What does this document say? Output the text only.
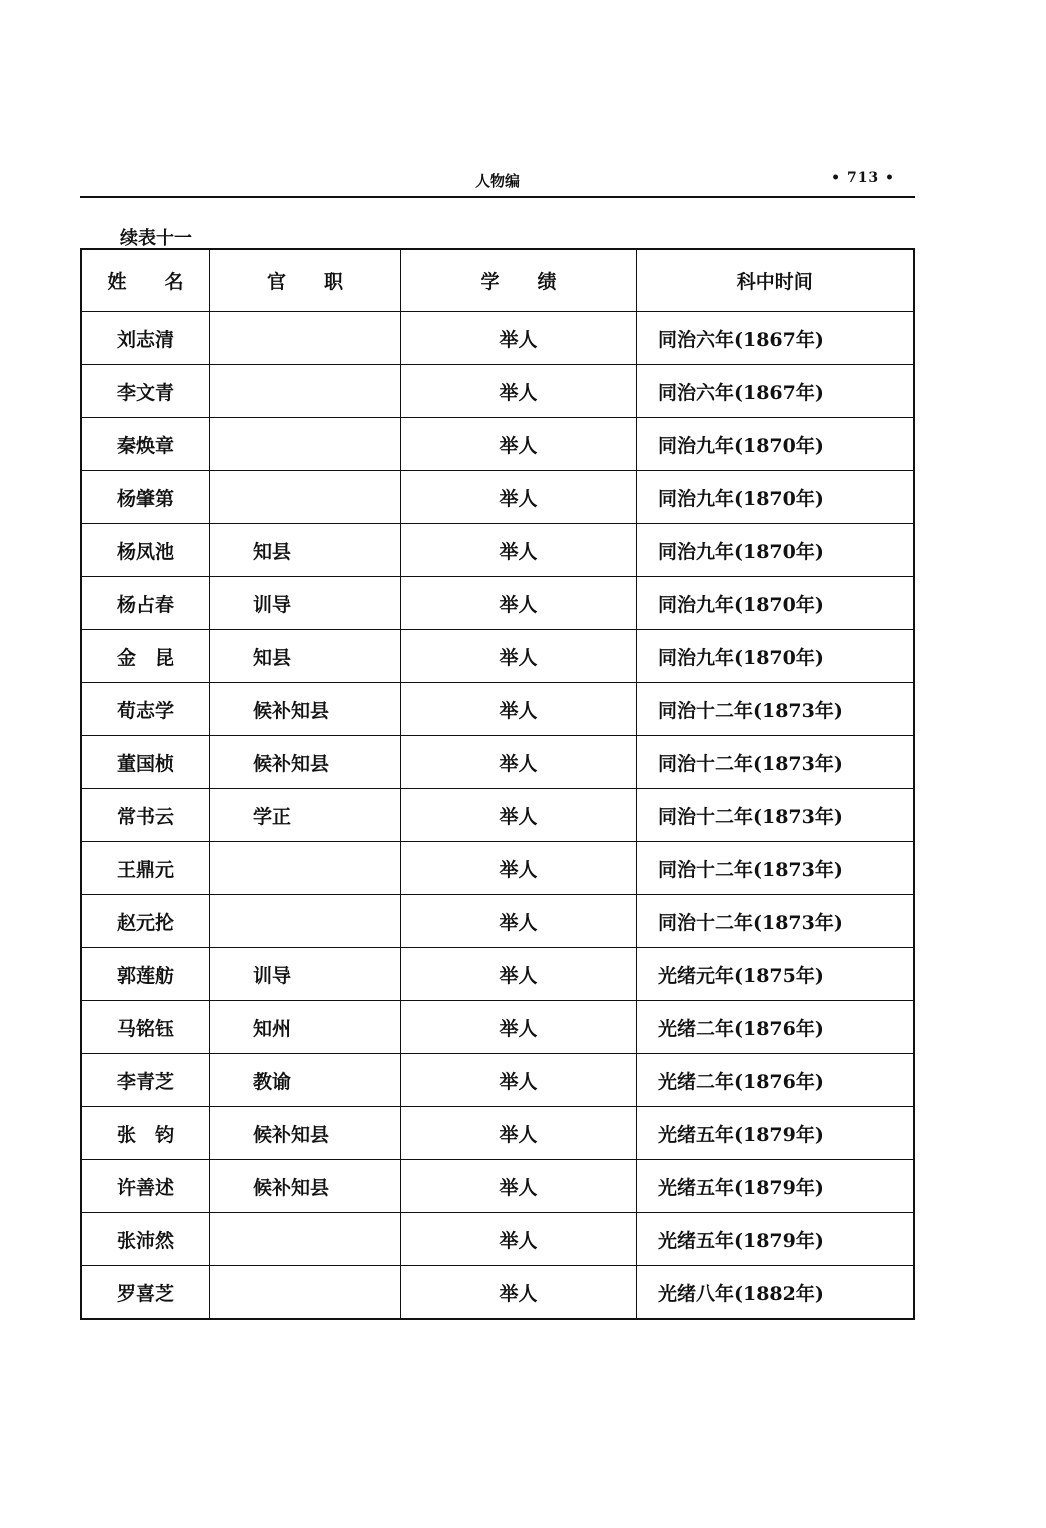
人物编	• 713 •
续表十一
姓　　名	官　　职	学　　绩	科中时间
刘志清		举人	同治六年(1867年)
李文青		举人	同治六年(1867年)
秦焕章		举人	同治九年(1870年)
杨肇第		举人	同治九年(1870年)
杨凤池	知县	举人	同治九年(1870年)
杨占春	训导	举人	同治九年(1870年)
金　昆	知县	举人	同治九年(1870年)
荀志学	候补知县	举人	同治十二年(1873年)
董国桢	候补知县	举人	同治十二年(1873年)
常书云	学正	举人	同治十二年(1873年)
王鼎元		举人	同治十二年(1873年)
赵元抡		举人	同治十二年(1873年)
郭莲舫	训导	举人	光绪元年(1875年)
马铭钰	知州	举人	光绪二年(1876年)
李青芝	教谕	举人	光绪二年(1876年)
张　钧	候补知县	举人	光绪五年(1879年)
许善述	候补知县	举人	光绪五年(1879年)
张沛然		举人	光绪五年(1879年)
罗喜芝		举人	光绪八年(1882年)
